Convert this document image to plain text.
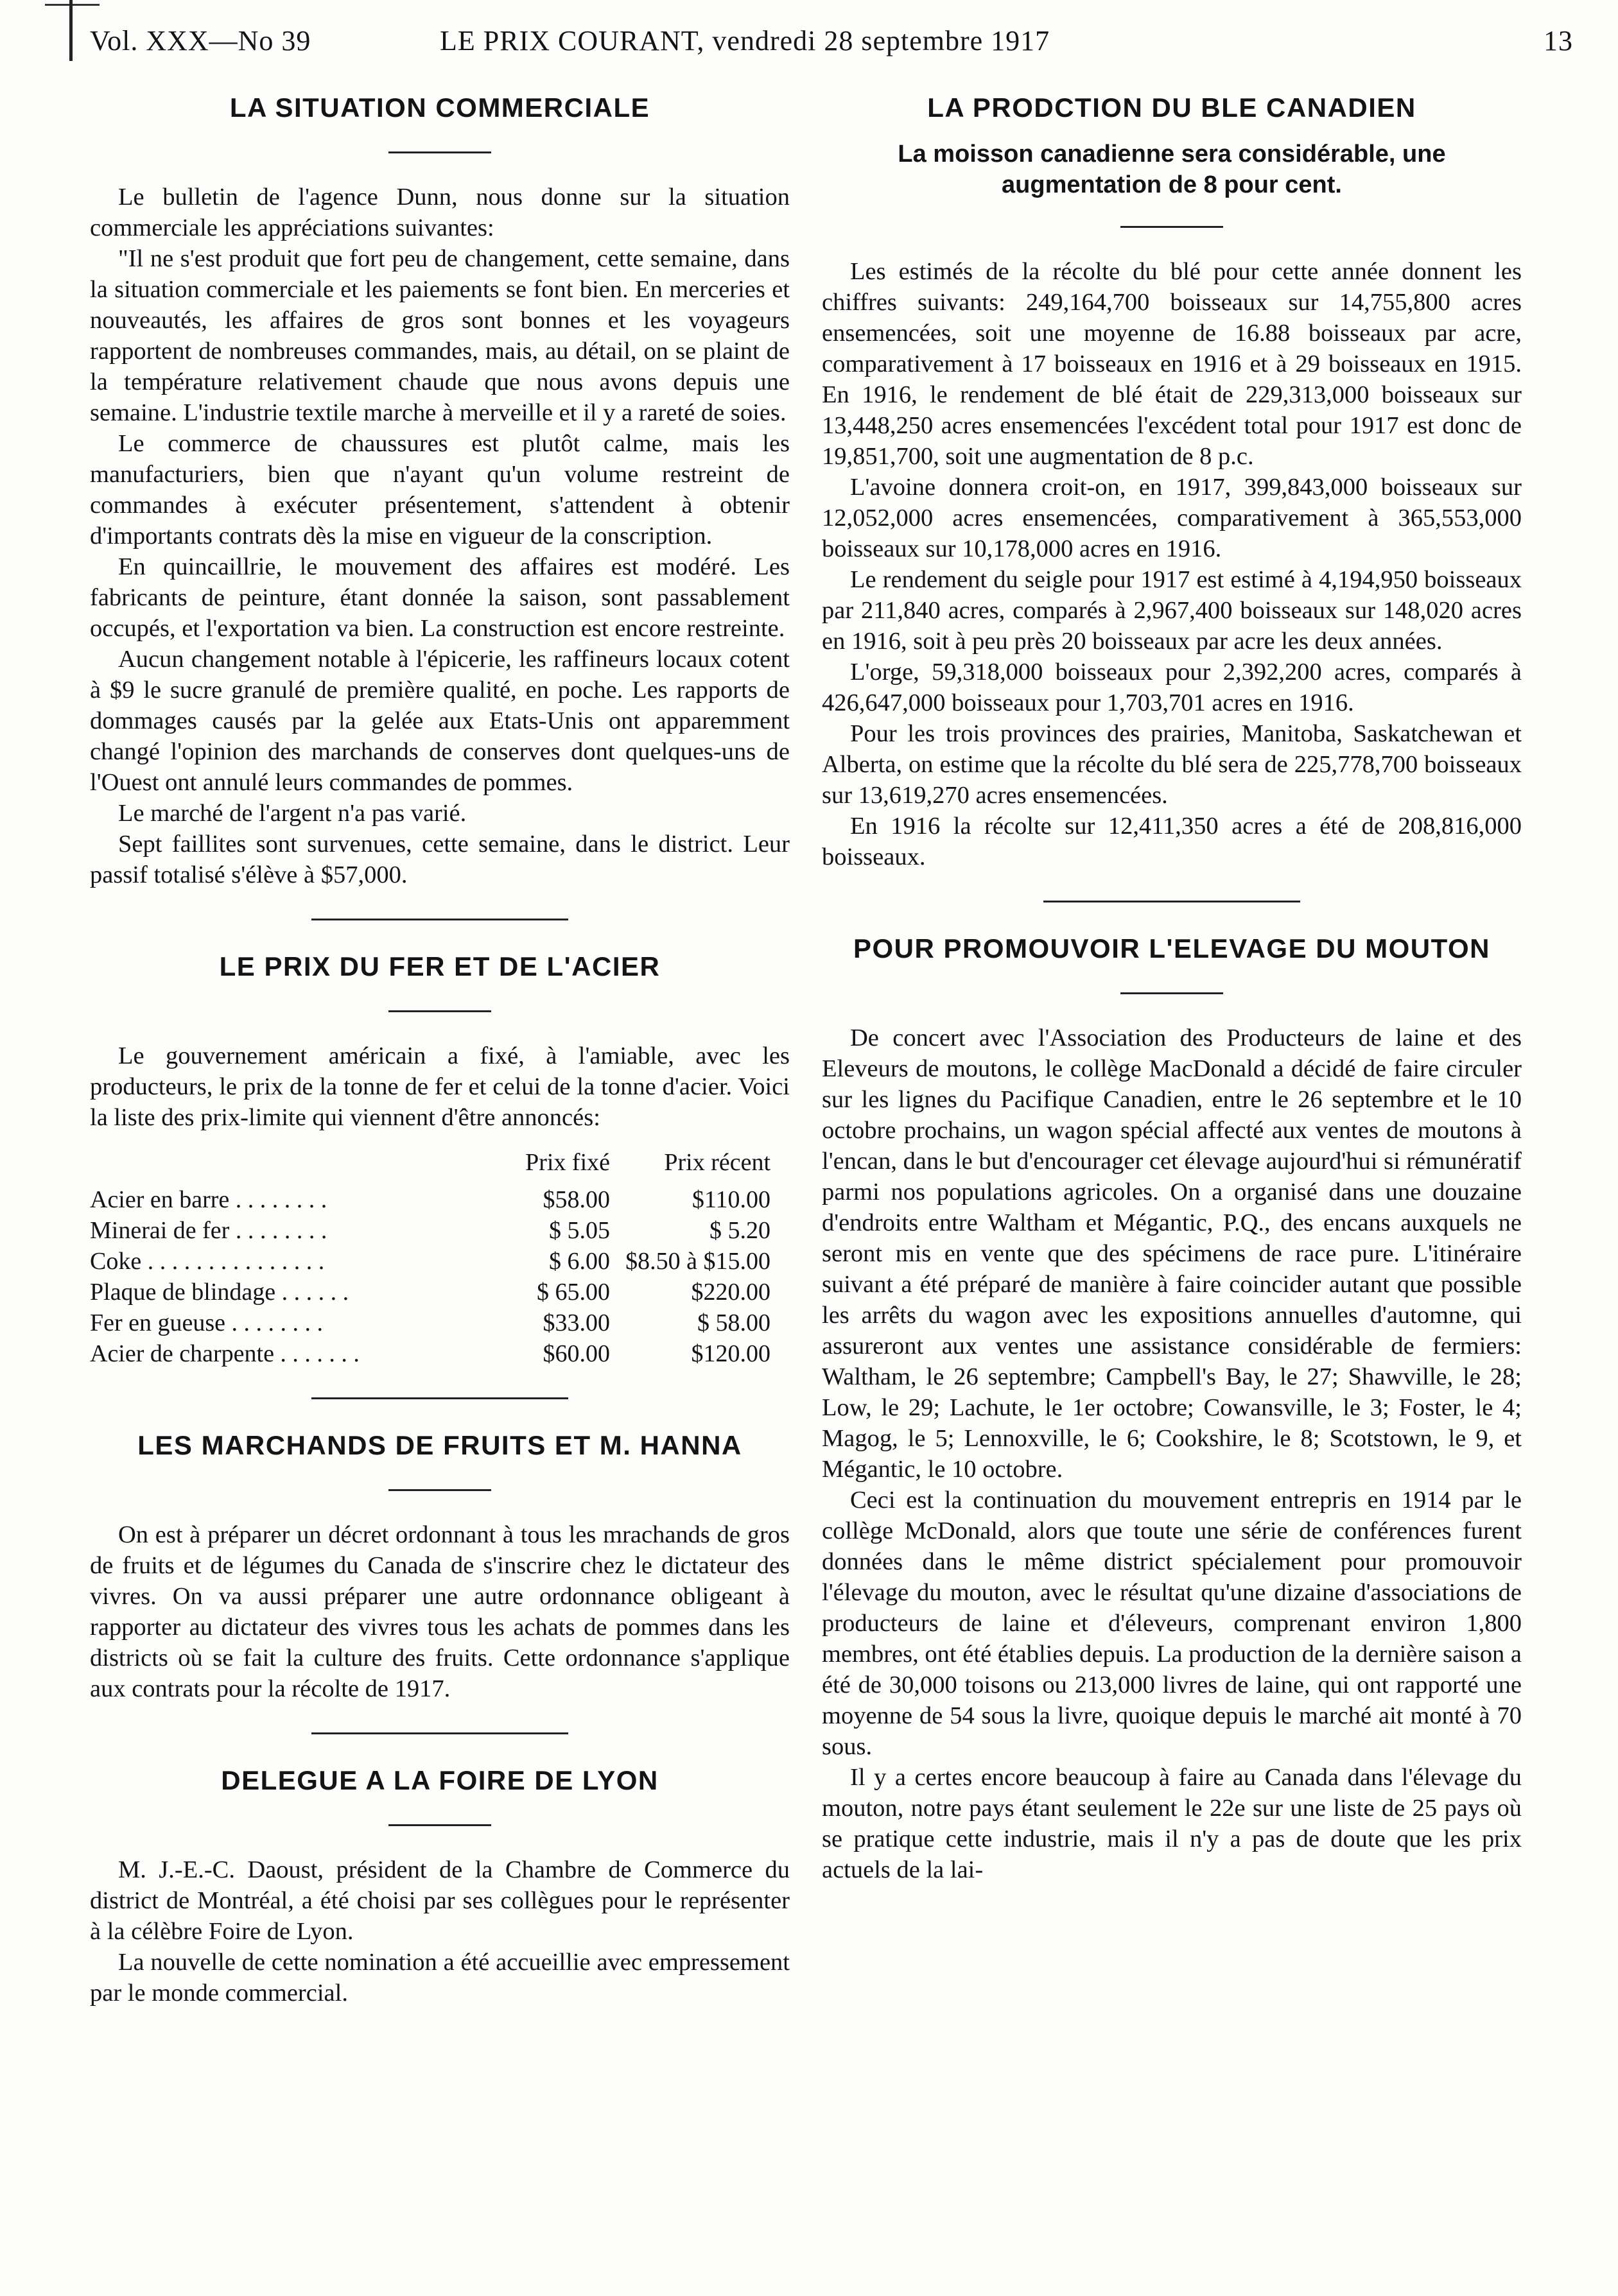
Vol. XXX—No 39	LE PRIX COURANT, vendredi 28 septembre 1917	13
LA SITUATION COMMERCIALE

Le bulletin de l'agence Dunn, nous donne sur la situation commerciale les appréciations suivantes:

"Il ne s'est produit que fort peu de changement, cette semaine, dans la situation commerciale et les paiements se font bien. En merceries et nouveautés, les affaires de gros sont bonnes et les voyageurs rapportent de nombreuses commandes, mais, au détail, on se plaint de la température relativement chaude que nous avons depuis une semaine. L'industrie textile marche à merveille et il y a rareté de soies.

Le commerce de chaussures est plutôt calme, mais les manufacturiers, bien que n'ayant qu'un volume restreint de commandes à exécuter présentement, s'attendent à obtenir d'importants contrats dès la mise en vigueur de la conscription.

En quincaillrie, le mouvement des affaires est modéré. Les fabricants de peinture, étant donnée la saison, sont passablement occupés, et l'exportation va bien. La construction est encore restreinte.

Aucun changement notable à l'épicerie, les raffineurs locaux cotent à $9 le sucre granulé de première qualité, en poche. Les rapports de dommages causés par la gelée aux Etats-Unis ont apparemment changé l'opinion des marchands de conserves dont quelques-uns de l'Ouest ont annulé leurs commandes de pommes.

Le marché de l'argent n'a pas varié.

Sept faillites sont survenues, cette semaine, dans le district. Leur passif totalisé s'élève à $57,000.

LE PRIX DU FER ET DE L'ACIER

Le gouvernement américain a fixé, à l'amiable, avec les producteurs, le prix de la tonne de fer et celui de la tonne d'acier. Voici la liste des prix-limite qui viennent d'être annoncés:

	Prix fixé	Prix récent
Acier en barre . . . . . . . .	$58.00	$110.00
Minerai de fer . . . . . . . .	$ 5.05	$ 5.20
Coke . . . . . . . . . . . . . . .	$ 6.00	$8.50 à $15.00
Plaque de blindage . . . . . .	$ 65.00	$220.00
Fer en gueuse . . . . . . . .	$33.00	$ 58.00
Acier de charpente . . . . . . .	$60.00	$120.00
LES MARCHANDS DE FRUITS ET M. HANNA

On est à préparer un décret ordonnant à tous les mrachands de gros de fruits et de légumes du Canada de s'inscrire chez le dictateur des vivres. On va aussi préparer une autre ordonnance obligeant à rapporter au dictateur des vivres tous les achats de pommes dans les districts où se fait la culture des fruits. Cette ordonnance s'applique aux contrats pour la récolte de 1917.

DELEGUE A LA FOIRE DE LYON

M. J.-E.-C. Daoust, président de la Chambre de Commerce du district de Montréal, a été choisi par ses collègues pour le représenter à la célèbre Foire de Lyon.

La nouvelle de cette nomination a été accueillie avec empressement par le monde commercial.

LA PRODCTION DU BLE CANADIEN
La moisson canadienne sera considérable, une augmentation de 8 pour cent.

Les estimés de la récolte du blé pour cette année donnent les chiffres suivants: 249,164,700 boisseaux sur 14,755,800 acres ensemencées, soit une moyenne de 16.88 boisseaux par acre, comparativement à 17 boisseaux en 1916 et à 29 boisseaux en 1915. En 1916, le rendement de blé était de 229,313,000 boisseaux sur 13,448,250 acres ensemencées l'excédent total pour 1917 est donc de 19,851,700, soit une augmentation de 8 p.c.

L'avoine donnera croit-on, en 1917, 399,843,000 boisseaux sur 12,052,000 acres ensemencées, comparativement à 365,553,000 boisseaux sur 10,178,000 acres en 1916.

Le rendement du seigle pour 1917 est estimé à 4,194,950 boisseaux par 211,840 acres, comparés à 2,967,400 boisseaux sur 148,020 acres en 1916, soit à peu près 20 boisseaux par acre les deux années.

L'orge, 59,318,000 boisseaux pour 2,392,200 acres, comparés à 426,647,000 boisseaux pour 1,703,701 acres en 1916.

Pour les trois provinces des prairies, Manitoba, Saskatchewan et Alberta, on estime que la récolte du blé sera de 225,778,700 boisseaux sur 13,619,270 acres ensemencées.

En 1916 la récolte sur 12,411,350 acres a été de 208,816,000 boisseaux.

POUR PROMOUVOIR L'ELEVAGE DU MOUTON

De concert avec l'Association des Producteurs de laine et des Eleveurs de moutons, le collège MacDonald a décidé de faire circuler sur les lignes du Pacifique Canadien, entre le 26 septembre et le 10 octobre prochains, un wagon spécial affecté aux ventes de moutons à l'encan, dans le but d'encourager cet élevage aujourd'hui si rémunératif parmi nos populations agricoles. On a organisé dans une douzaine d'endroits entre Waltham et Mégantic, P.Q., des encans auxquels ne seront mis en vente que des spécimens de race pure. L'itinéraire suivant a été préparé de manière à faire coincider autant que possible les arrêts du wagon avec les expositions annuelles d'automne, qui assureront aux ventes une assistance considérable de fermiers: Waltham, le 26 septembre; Campbell's Bay, le 27; Shawville, le 28; Low, le 29; Lachute, le 1er octobre; Cowansville, le 3; Foster, le 4; Magog, le 5; Lennoxville, le 6; Cookshire, le 8; Scotstown, le 9, et Mégantic, le 10 octobre.

Ceci est la continuation du mouvement entrepris en 1914 par le collège McDonald, alors que toute une série de conférences furent données dans le même district spécialement pour promouvoir l'élevage du mouton, avec le résultat qu'une dizaine d'associations de producteurs de laine et d'éleveurs, comprenant environ 1,800 membres, ont été établies depuis. La production de la dernière saison a été de 30,000 toisons ou 213,000 livres de laine, qui ont rapporté une moyenne de 54 sous la livre, quoique depuis le marché ait monté à 70 sous.

Il y a certes encore beaucoup à faire au Canada dans l'élevage du mouton, notre pays étant seulement le 22e sur une liste de 25 pays où se pratique cette industrie, mais il n'y a pas de doute que les prix actuels de la lai-
